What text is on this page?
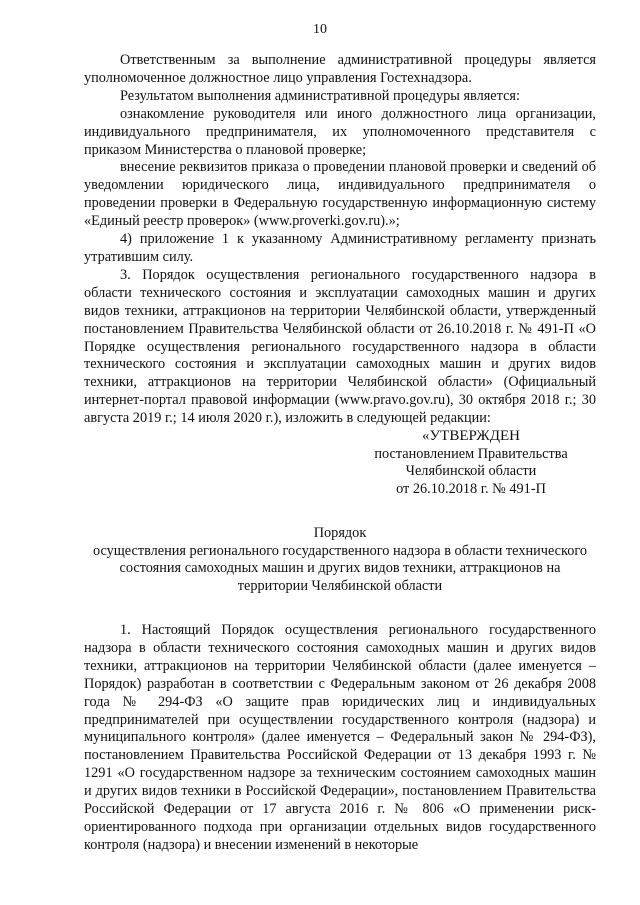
10

Ответственным за выполнение административной процедуры является уполномоченное должностное лицо управления Гостехнадзора.

Результатом выполнения административной процедуры является:

ознакомление руководителя или иного должностного лица организации, индивидуального предпринимателя, их уполномоченного представителя с приказом Министерства о плановой проверке;

внесение реквизитов приказа о проведении плановой проверки и сведений об уведомлении юридического лица, индивидуального предпринимателя о проведении проверки в Федеральную государственную информационную систему «Единый реестр проверок» (www.proverki.gov.ru).»;

4) приложение 1 к указанному Административному регламенту признать утратившим силу.

3. Порядок осуществления регионального государственного надзора в области технического состояния и эксплуатации самоходных машин и других видов техники, аттракционов на территории Челябинской области, утвержденный постановлением Правительства Челябинской области от 26.10.2018 г. № 491-П «О Порядке осуществления регионального государственного надзора в области технического состояния и эксплуатации самоходных машин и других видов техники, аттракционов на территории Челябинской области» (Официальный интернет-портал правовой информации (www.pravo.gov.ru), 30 октября 2018 г.; 30 августа 2019 г.; 14 июля 2020 г.), изложить в следующей редакции:

«УТВЕРЖДЕН
постановлением Правительства
Челябинской области
от 26.10.2018 г. № 491-П
Порядок
осуществления регионального государственного надзора в области технического
состояния самоходных машин и других видов техники, аттракционов на
территории Челябинской области

1. Настоящий Порядок осуществления регионального государственного надзора в области технического состояния самоходных машин и других видов техники, аттракционов на территории Челябинской области (далее именуется – Порядок) разработан в соответствии с Федеральным законом от 26 декабря 2008 года № 294-ФЗ «О защите прав юридических лиц и индивидуальных предпринимателей при осуществлении государственного контроля (надзора) и муниципального контроля» (далее именуется – Федеральный закон № 294-ФЗ), постановлением Правительства Российской Федерации от 13 декабря 1993 г. № 1291 «О государственном надзоре за техническим состоянием самоходных машин и других видов техники в Российской Федерации», постановлением Правительства Российской Федерации от 17 августа 2016 г. № 806 «О применении риск-ориентированного подхода при организации отдельных видов государственного контроля (надзора) и внесении изменений в некоторые
